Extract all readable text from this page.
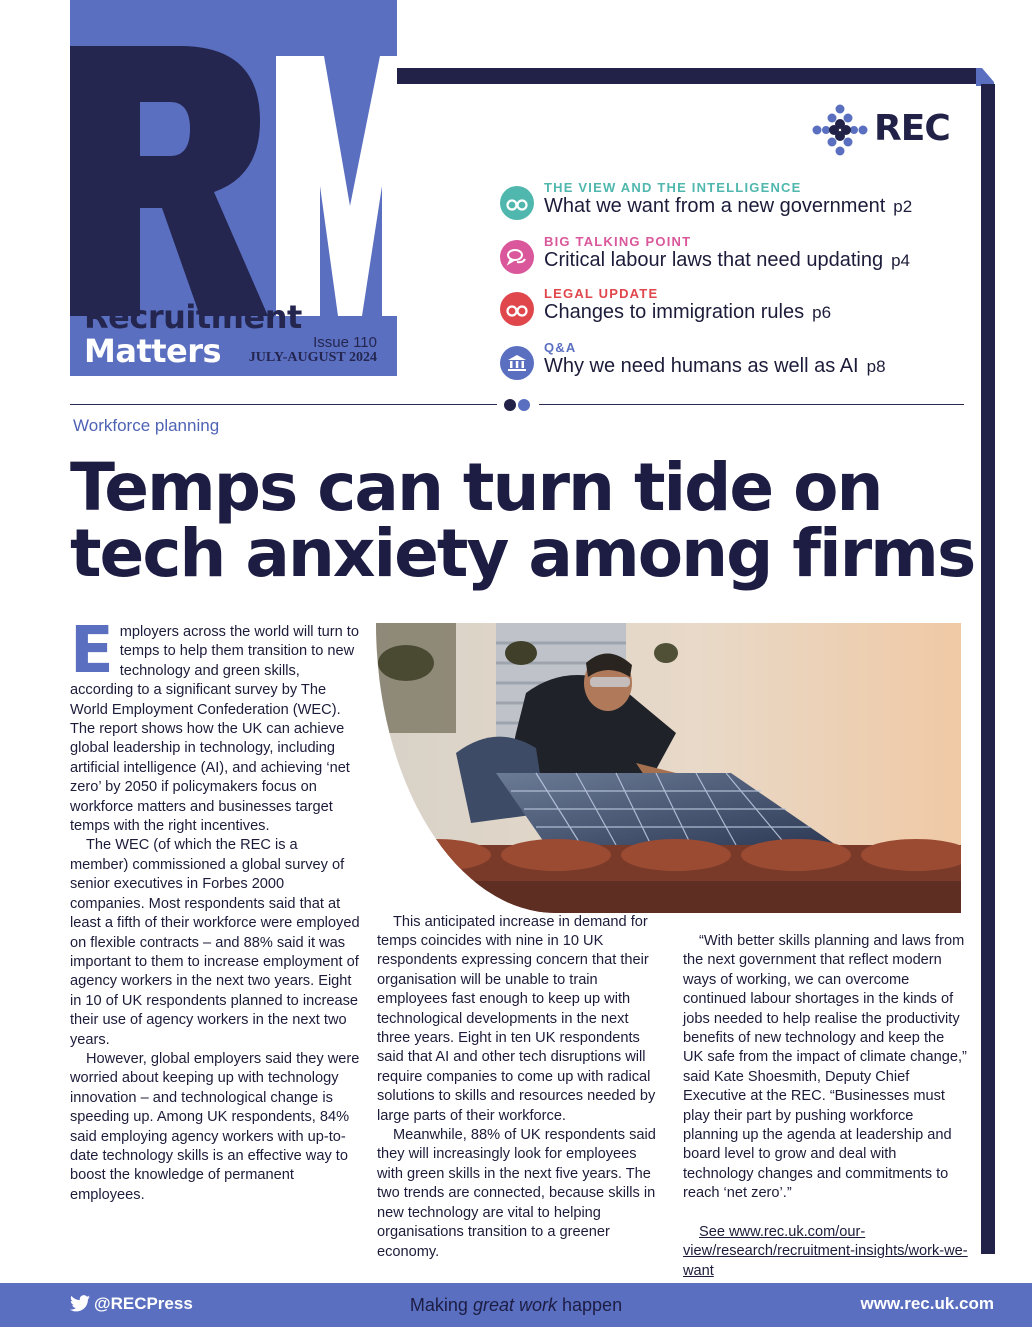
Recruitment
Matters	Issue 110
JULY-AUGUST 2024
REC
THE VIEW AND THE INTELLIGENCE
What we want from a new government p2
BIG TALKING POINT
Critical labour laws that need updating p4
LEGAL UPDATE
Changes to immigration rules p6
Q&A
Why we need humans as well as AI p8
Workforce planning
Temps can turn tide on
tech anxiety among firms

Employers across the world will turn to temps to help them transition to new technology and green skills, according to a significant survey by The World Employment Confederation (WEC). The report shows how the UK can achieve global leadership in technology, including artificial intelligence (AI), and achieving ‘net zero’ by 2050 if policymakers focus on workforce matters and businesses target temps with the right incentives.

The WEC (of which the REC is a member) commissioned a global survey of senior executives in Forbes 2000 companies. Most respondents said that at least a fifth of their workforce were employed on flexible contracts – and 88% said it was important to them to increase employment of agency workers in the next two years. Eight in 10 of UK respondents planned to increase their use of agency workers in the next two years.

However, global employers said they were worried about keeping up with technology innovation – and technological change is speeding up. Among UK respondents, 84% said employing agency workers with up-to-date technology skills is an effective way to boost the knowledge of permanent employees.

This anticipated increase in demand for temps coincides with nine in 10 UK respondents expressing concern that their organisation will be unable to train employees fast enough to keep up with technological developments in the next three years. Eight in ten UK respondents said that AI and other tech disruptions will require companies to come up with radical solutions to skills and resources needed by large parts of their workforce.

Meanwhile, 88% of UK respondents said they will increasingly look for employees with green skills in the next five years. The two trends are connected, because skills in new technology are vital to helping organisations transition to a greener economy.

“With better skills planning and laws from the next government that reflect modern ways of working, we can overcome continued labour shortages in the kinds of jobs needed to help realise the productivity benefits of new technology and keep the UK safe from the impact of climate change,” said Kate Shoesmith, Deputy Chief Executive at the REC. “Businesses must play their part by pushing workforce planning up the agenda at leadership and board level to grow and deal with technology changes and commitments to reach ‘net zero’.”

See www.rec.uk.com/our-view/research/recruitment-insights/work-we-want

@RECPress	Making great work happen	www.rec.uk.com
